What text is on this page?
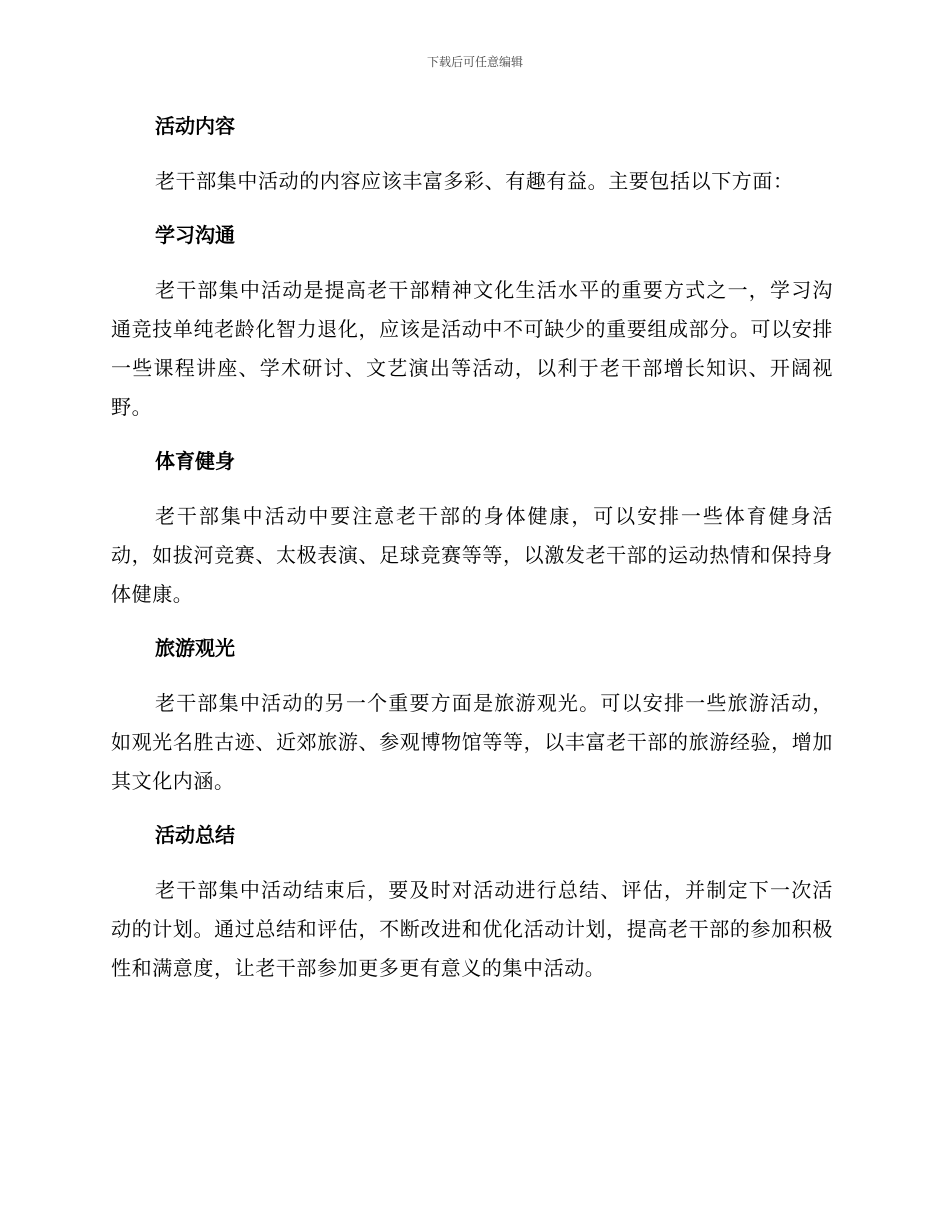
下载后可任意编辑
活动内容

老干部集中活动的内容应该丰富多彩、有趣有益。主要包括以下方面：

学习沟通

老干部集中活动是提高老干部精神文化生活水平的重要方式之一，学习沟通竞技单纯老龄化智力退化，应该是活动中不可缺少的重要组成部分。可以安排一些课程讲座、学术研讨、文艺演出等活动，以利于老干部增长知识、开阔视野。

体育健身

老干部集中活动中要注意老干部的身体健康，可以安排一些体育健身活动，如拔河竞赛、太极表演、足球竞赛等等，以激发老干部的运动热情和保持身体健康。

旅游观光

老干部集中活动的另一个重要方面是旅游观光。可以安排一些旅游活动，如观光名胜古迹、近郊旅游、参观博物馆等等，以丰富老干部的旅游经验，增加其文化内涵。

活动总结

老干部集中活动结束后，要及时对活动进行总结、评估，并制定下一次活动的计划。通过总结和评估，不断改进和优化活动计划，提高老干部的参加积极性和满意度，让老干部参加更多更有意义的集中活动。
